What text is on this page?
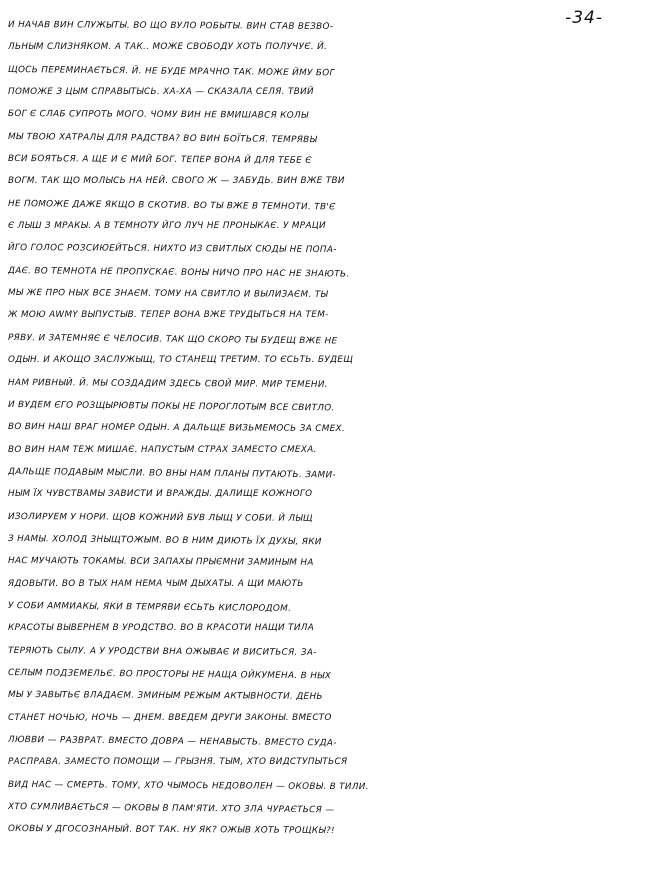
-34-
И НАЧАВ ВИН СЛУЖЫТЫ. ВО ЩО ВУЛО РОБЫТЫ. ВИН СТАВ ВЕЗВО-
ЛЬНЫМ СЛИЗНЯКОМ. А ТАК.. МОЖЕ СВОБОДУ ХОТЬ ПОЛУЧУЄ. Й.
ЩОСЬ ПЕРЕМИНАЄТЬСЯ. Й. НЕ БУДЕ МРАЧНО ТАК. МОЖЕ ЙМУ БОГ
ПОМОЖЕ З ЦЫМ СПРАВЫТЫСЬ. ХА-ХА — СКАЗАЛА СЕЛЯ. ТВИЙ
БОГ Є СЛАБ СУПРОТЬ МОГО. ЧОМУ ВИН НЕ ВМИШАВСЯ КОЛЫ
МЫ ТВОЮ ХАТРАЛЫ ДЛЯ РАДСТВА? ВО ВИН БОЇТЬСЯ. ТЕМРЯВЫ
ВСИ БОЯТЬСЯ. А ЩЕ И Є МИЙ БОГ. ТЕПЕР ВОНА Й ДЛЯ ТЕБЕ Є
ВОГМ. ТАК ЩО МОЛЫСЬ НА НЕЙ. СВОГО Ж — ЗАБУДЬ. ВИН ВЖЕ ТВИ
НЕ ПОМОЖЕ ДАЖЕ ЯКЩО В СКОТИВ. ВО ТЫ ВЖЕ В ТЕМНОТИ. ТВ'Є
Є ЛЫШ З МРАКЫ. А В ТЕМНОТУ ЙГО ЛУЧ НЕ ПРОНЫКАЄ. У МРАЦИ
ЙГО ГОЛОС РОЗСИЮЕЙТЬСЯ. НИХТО ИЗ СВИТЛЫХ СЮДЫ НЕ ПОПА-
ДАЄ. ВО ТЕМНОТА НЕ ПРОПУСКАЄ. ВОНЫ НИЧО ПРО НАС НЕ ЗНАЮТЬ.
МЫ ЖЕ ПРО НЫХ ВСЕ ЗНАЄМ. ТОМУ НА СВИТЛО И ВЫЛИЗАЄМ. ТЫ
Ж МОЮ AWMY ВЫПУСТЫВ. ТЕПЕР ВОНА ВЖЕ ТРУДЫТЬСЯ НА ТЕМ-
РЯВУ. И ЗАТЕМНЯЄ Є ЧЕЛОСИВ. ТАК ЩО СКОРО ТЫ БУДЕЩ ВЖЕ НЕ
ОДЫН. И АКОЩО ЗАСЛУЖЫЩ, ТО СТАНЕЩ ТРЕТИМ. ТО ЄСЬТЬ. БУДЕЩ
НАМ РИВНЫЙ. Й. МЫ СОЗДАДИМ ЗДЕСЬ СВОЙ МИР. МИР ТЕМЕНИ.
И ВУДЕМ ЄГО РОЗЩЫРЮВТЫ ПОКЫ НЕ ПОРОГЛОТЫМ ВСЕ СВИТЛО.
ВО ВИН НАШ ВРАГ НОМЕР ОДЫН. А ДАЛЬЩЕ ВИЗЬМЕМОСЬ ЗА СМЕХ.
ВО ВИН НАМ ТЕЖ МИШАЄ. НАПУСТЫМ СТРАХ ЗАМЕСТО СМЕХА.
ДАЛЬЩЕ ПОДАВЫМ МЫСЛИ. ВО ВНЫ НАМ ПЛАНЫ ПУТАЮТЬ. ЗАМИ-
НЫМ ЇХ ЧУВСТВАМЫ ЗАВИСТИ И ВРАЖДЫ. ДАЛИЩЕ КОЖНОГО
ИЗОЛИРУЕМ У НОРИ. ЩОВ КОЖНИЙ БУВ ЛЫЩ У СОБИ. Й ЛЫЩ
З НАМЫ. ХОЛОД ЗНЫЩТОЖЫМ. ВО В НИМ ДИЮТЬ ЇХ ДУХЫ, ЯКИ
НАС МУЧАЮТЬ ТОКАМЫ. ВСИ ЗАПАХЫ ПРЫЄМНИ ЗАМИНЫМ НА
ЯДОВЫТИ. ВО В ТЫХ НАМ НЕМА ЧЫМ ДЫХАТЫ. А ЩИ МАЮТЬ
У СОБИ АММИАКЫ, ЯКИ В ТЕМРЯВИ ЄСЬТЬ КИСЛОРОДОМ.
КРАСОТЫ ВЫВЕРНЕМ В УРОДСТВО. ВО В КРАСОТИ НАЩИ ТИЛА
ТЕРЯЮТЬ СЫЛУ. А У УРОДСТВИ ВНА ОЖЫВАЄ И ВИСИТЬСЯ. ЗА-
СЕЛЫМ ПОДЗЕМЕЛЬЄ. ВО ПРОСТОРЫ НЕ НАЩА ОЙКУМЕНА. В НЫХ
МЫ У ЗАВЫТЬЄ ВЛАДАЄМ. ЗМИНЫМ РЕЖЫМ АКТЫВНОСТИ. ДЕНЬ
СТАНЕТ НОЧЬЮ, НОЧЬ — ДНЕМ. ВВЕДЕМ ДРУГИ ЗАКОНЫ. ВМЕСТО
ЛЮВВИ — РАЗВРАТ. ВМЕСТО ДОВРА — НЕНАВЫСТЬ. ВМЕСТО СУДА-
РАСПРАВА. ЗАМЕСТО ПОМОЩИ — ГРЫЗНЯ. ТЫМ, ХТО ВИДСТУПЫТЬСЯ
ВИД НАС — СМЕРТЬ. ТОМУ, ХТО ЧЫМОСЬ НЕДОВОЛЕН — ОКОВЫ. В ТИЛИ.
ХТО СУМЛИВАЄТЬСЯ — ОКОВЫ В ПАМ'ЯТИ. ХТО ЗЛА ЧУРАЄТЬСЯ —
ОКОВЫ У ДГОСОЗНАНЫЙ. ВОТ ТАК. НУ ЯК? ОЖЫВ ХОТЬ ТРОЩКЫ?!
